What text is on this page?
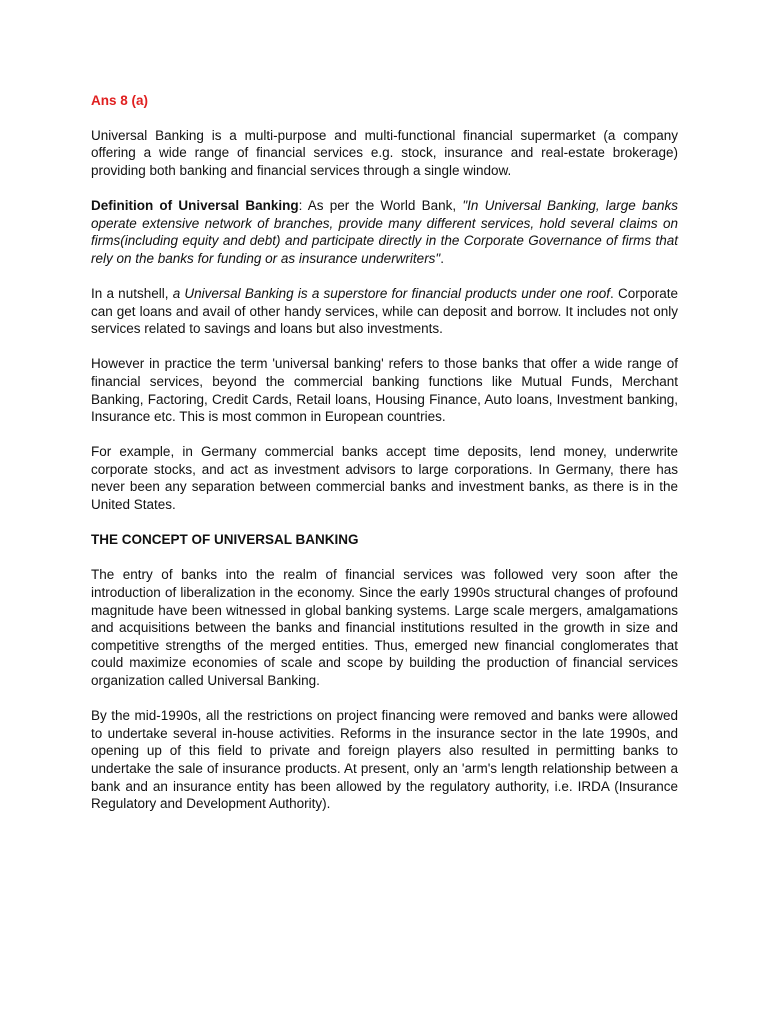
Ans 8 (a)

Universal Banking is a multi-purpose and multi-functional financial supermarket (a company offering a wide range of financial services e.g. stock, insurance and real-estate brokerage) providing both banking and financial services through a single window.

Definition of Universal Banking: As per the World Bank, "In Universal Banking, large banks operate extensive network of branches, provide many different services, hold several claims on firms(including equity and debt) and participate directly in the Corporate Governance of firms that rely on the banks for funding or as insurance underwriters".

In a nutshell, a Universal Banking is a superstore for financial products under one roof. Corporate can get loans and avail of other handy services, while can deposit and borrow. It includes not only services related to savings and loans but also investments.

However in practice the term 'universal banking' refers to those banks that offer a wide range of financial services, beyond the commercial banking functions like Mutual Funds, Merchant Banking, Factoring, Credit Cards, Retail loans, Housing Finance, Auto loans, Investment banking, Insurance etc. This is most common in European countries.

For example, in Germany commercial banks accept time deposits, lend money, underwrite corporate stocks, and act as investment advisors to large corporations. In Germany, there has never been any separation between commercial banks and investment banks, as there is in the United States.

THE CONCEPT OF UNIVERSAL BANKING

The entry of banks into the realm of financial services was followed very soon after the introduction of liberalization in the economy. Since the early 1990s structural changes of profound magnitude have been witnessed in global banking systems. Large scale mergers, amalgamations and acquisitions between the banks and financial institutions resulted in the growth in size and competitive strengths of the merged entities. Thus, emerged new financial conglomerates that could maximize economies of scale and scope by building the production of financial services organization called Universal Banking.

By the mid-1990s, all the restrictions on project financing were removed and banks were allowed to undertake several in-house activities. Reforms in the insurance sector in the late 1990s, and opening up of this field to private and foreign players also resulted in permitting banks to undertake the sale of insurance products. At present, only an 'arm's length relationship between a bank and an insurance entity has been allowed by the regulatory authority, i.e. IRDA (Insurance Regulatory and Development Authority).
